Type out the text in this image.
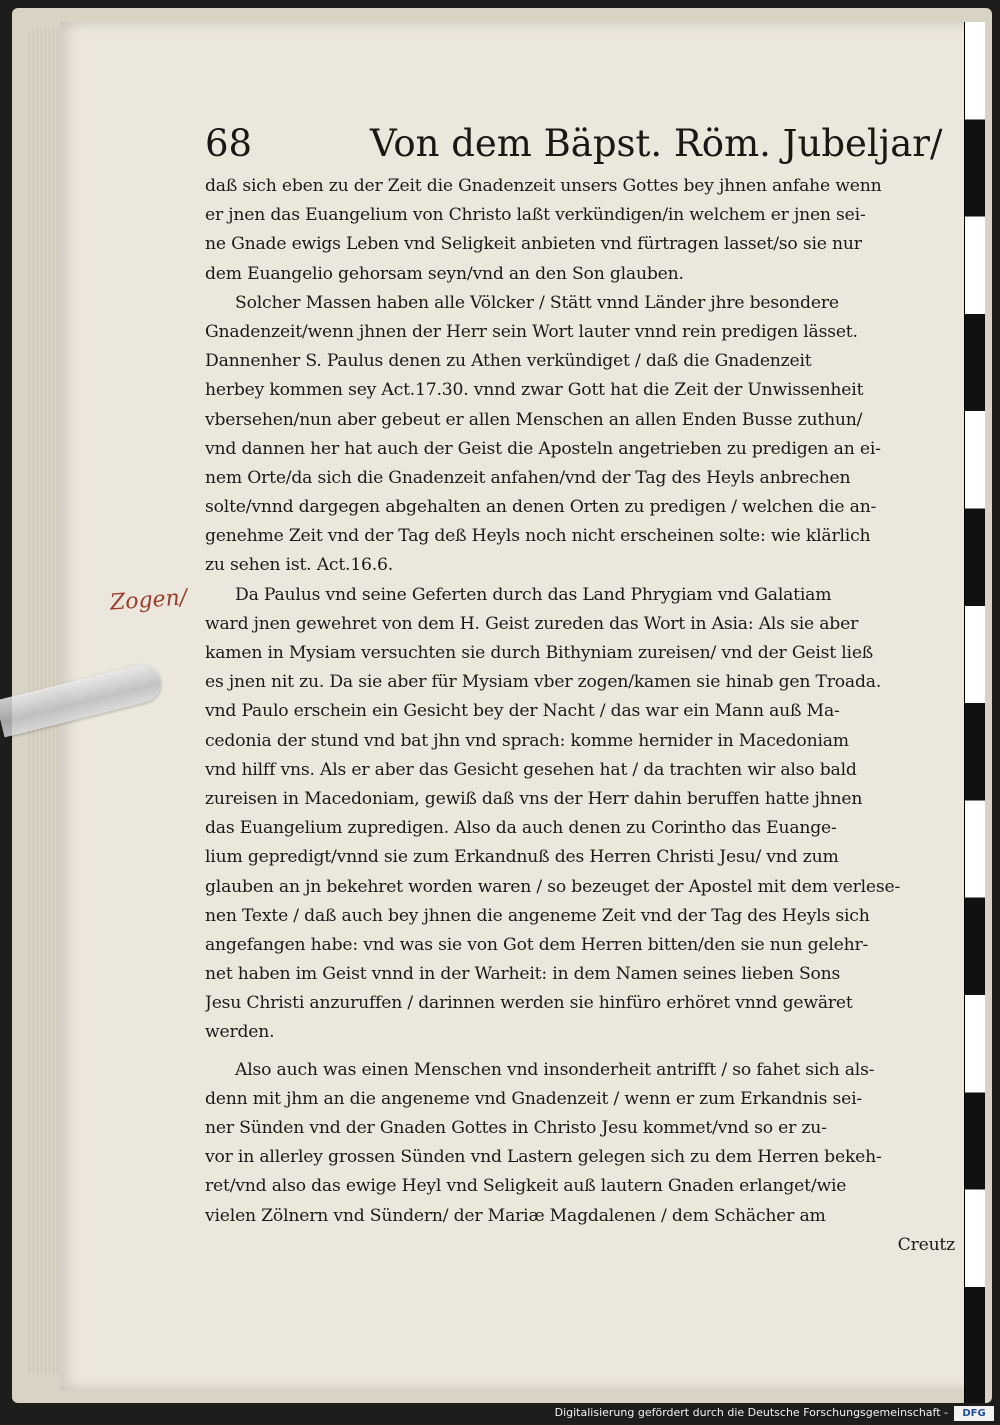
68	Von dem Bäpst. Röm. Jubeljar/
Zogen/
daß sich eben zu der Zeit die Gnadenzeit unsers Gottes bey jhnen anfahe wenn
er jnen das Euangelium von Christo laßt verkündigen/in welchem er jnen sei-
ne Gnade ewigs Leben vnd Seligkeit anbieten vnd fürtragen lasset/so sie nur
dem Euangelio gehorsam seyn/vnd an den Son glauben.
Solcher Massen haben alle Völcker / Stätt vnnd Länder jhre besondere
Gnadenzeit/wenn jhnen der Herr sein Wort lauter vnnd rein predigen lässet.
Dannenher S. Paulus denen zu Athen verkündiget / daß die Gnadenzeit
herbey kommen sey Act.17.30. vnnd zwar Gott hat die Zeit der Unwissenheit
vbersehen/nun aber gebeut er allen Menschen an allen Enden Busse zuthun/
vnd dannen her hat auch der Geist die Aposteln angetrieben zu predigen an ei-
nem Orte/da sich die Gnadenzeit anfahen/vnd der Tag des Heyls anbrechen
solte/vnnd dargegen abgehalten an denen Orten zu predigen / welchen die an-
genehme Zeit vnd der Tag deß Heyls noch nicht erscheinen solte: wie klärlich
zu sehen ist. Act.16.6.
Da Paulus vnd seine Geferten durch das Land Phrygiam vnd Galatiam
ward jnen gewehret von dem H. Geist zureden das Wort in Asia: Als sie aber
kamen in Mysiam versuchten sie durch Bithyniam zureisen/ vnd der Geist ließ
es jnen nit zu. Da sie aber für Mysiam vber zogen/kamen sie hinab gen Troada.
vnd Paulo erschein ein Gesicht bey der Nacht / das war ein Mann auß Ma-
cedonia der stund vnd bat jhn vnd sprach: komme hernider in Macedoniam
vnd hilff vns. Als er aber das Gesicht gesehen hat / da trachten wir also bald
zureisen in Macedoniam, gewiß daß vns der Herr dahin beruffen hatte jhnen
das Euangelium zupredigen. Also da auch denen zu Corintho das Euange-
lium gepredigt/vnnd sie zum Erkandnuß des Herren Christi Jesu/ vnd zum
glauben an jn bekehret worden waren / so bezeuget der Apostel mit dem verlese-
nen Texte / daß auch bey jhnen die angeneme Zeit vnd der Tag des Heyls sich
angefangen habe: vnd was sie von Got dem Herren bitten/den sie nun gelehr-
net haben im Geist vnnd in der Warheit: in dem Namen seines lieben Sons
Jesu Christi anzuruffen / darinnen werden sie hinfüro erhöret vnnd gewäret
werden.
Also auch was einen Menschen vnd insonderheit antrifft / so fahet sich als-
denn mit jhm an die angeneme vnd Gnadenzeit / wenn er zum Erkandnis sei-
ner Sünden vnd der Gnaden Gottes in Christo Jesu kommet/vnd so er zu-
vor in allerley grossen Sünden vnd Lastern gelegen sich zu dem Herren bekeh-
ret/vnd also das ewige Heyl vnd Seligkeit auß lautern Gnaden erlanget/wie
vielen Zölnern vnd Sündern/ der Mariæ Magdalenen / dem Schächer am
Creutz
Digitalisierung gefördert durch die Deutsche Forschungsgemeinschaft -	DFG
